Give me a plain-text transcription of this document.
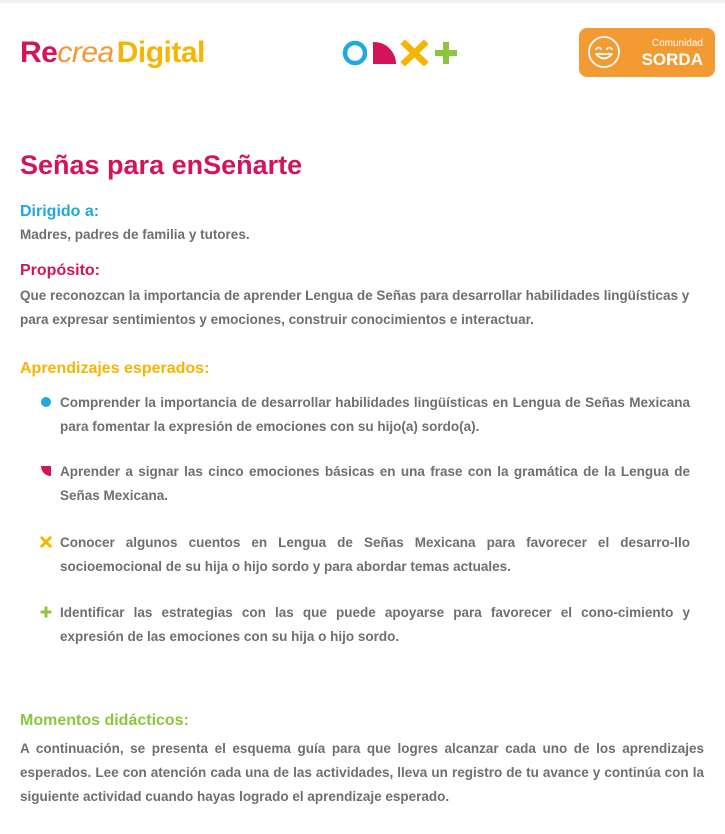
Recrea Digital	Comunidad
SORDA
Señas para enSeñarte
Dirigido a:

Madres, padres de familia y tutores.

Propósito:

Que reconozcan la importancia de aprender Lengua de Señas para desarrollar habilidades lingüísticas y para expresar sentimientos y emociones, construir conocimientos e interactuar.

Aprendizajes esperados:
Comprender la importancia de desarrollar habilidades lingüísticas en Lengua de Señas Mexicana para fomentar la expresión de emociones con su hijo(a) sordo(a).
Aprender a signar las cinco emociones básicas en una frase con la gramática de la Lengua de Señas Mexicana.
Conocer algunos cuentos en Lengua de Señas Mexicana para favorecer el desarro-llo socioemocional de su hija o hijo sordo y para abordar temas actuales.
Identificar las estrategias con las que puede apoyarse para favorecer el cono-cimiento y expresión de las emociones con su hija o hijo sordo.
Momentos didácticos:

A continuación, se presenta el esquema guía para que logres alcanzar cada uno de los aprendizajes esperados. Lee con atención cada una de las actividades, lleva un registro de tu avance y continúa con la siguiente actividad cuando hayas logrado el aprendizaje esperado.
